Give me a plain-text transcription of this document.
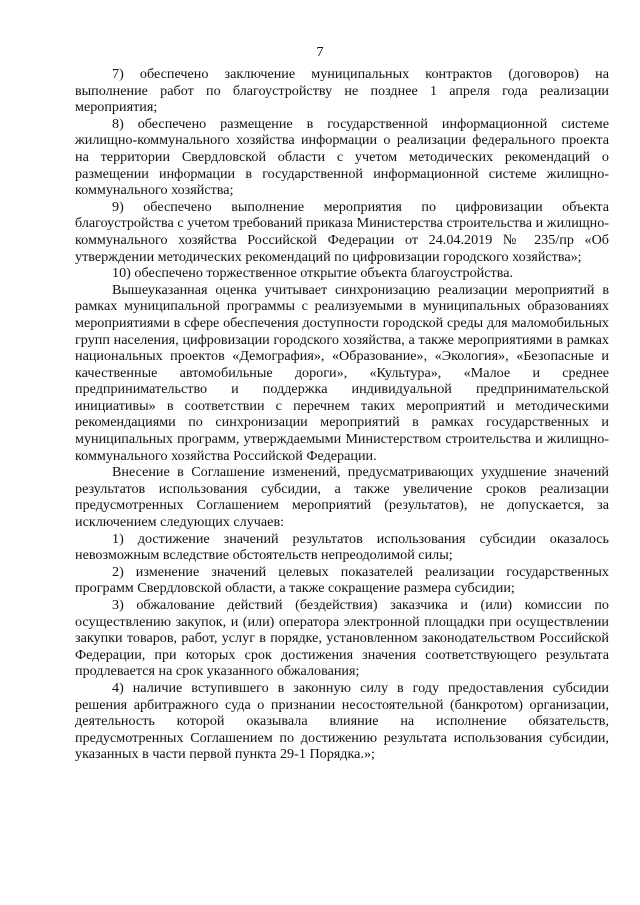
7

7) обеспечено заключение муниципальных контрактов (договоров) на выполнение работ по благоустройству не позднее 1 апреля года реализации мероприятия;

8) обеспечено размещение в государственной информационной системе жилищно-коммунального хозяйства информации о реализации федерального проекта на территории Свердловской области с учетом методических рекомендаций о размещении информации в государственной информационной системе жилищно-коммунального хозяйства;

9) обеспечено выполнение мероприятия по цифровизации объекта благоустройства с учетом требований приказа Министерства строительства и жилищно-коммунального хозяйства Российской Федерации от 24.04.2019 № 235/пр «Об утверждении методических рекомендаций по цифровизации городского хозяйства»;

10) обеспечено торжественное открытие объекта благоустройства.

Вышеуказанная оценка учитывает синхронизацию реализации мероприятий в рамках муниципальной программы с реализуемыми в муниципальных образованиях мероприятиями в сфере обеспечения доступности городской среды для маломобильных групп населения, цифровизации городского хозяйства, а также мероприятиями в рамках национальных проектов «Демография», «Образование», «Экология», «Безопасные и качественные автомобильные дороги», «Культура», «Малое и среднее предпринимательство и поддержка индивидуальной предпринимательской инициативы» в соответствии с перечнем таких мероприятий и методическими рекомендациями по синхронизации мероприятий в рамках государственных и муниципальных программ, утверждаемыми Министерством строительства и жилищно-коммунального хозяйства Российской Федерации.

Внесение в Соглашение изменений, предусматривающих ухудшение значений результатов использования субсидии, а также увеличение сроков реализации предусмотренных Соглашением мероприятий (результатов), не допускается, за исключением следующих случаев:

1) достижение значений результатов использования субсидии оказалось невозможным вследствие обстоятельств непреодолимой силы;

2) изменение значений целевых показателей реализации государственных программ Свердловской области, а также сокращение размера субсидии;

3) обжалование действий (бездействия) заказчика и (или) комиссии по осуществлению закупок, и (или) оператора электронной площадки при осуществлении закупки товаров, работ, услуг в порядке, установленном законодательством Российской Федерации, при которых срок достижения значения соответствующего результата продлевается на срок указанного обжалования;

4) наличие вступившего в законную силу в году предоставления субсидии решения арбитражного суда о признании несостоятельной (банкротом) организации, деятельность которой оказывала влияние на исполнение обязательств, предусмотренных Соглашением по достижению результата использования субсидии, указанных в части первой пункта 29-1 Порядка.»;
